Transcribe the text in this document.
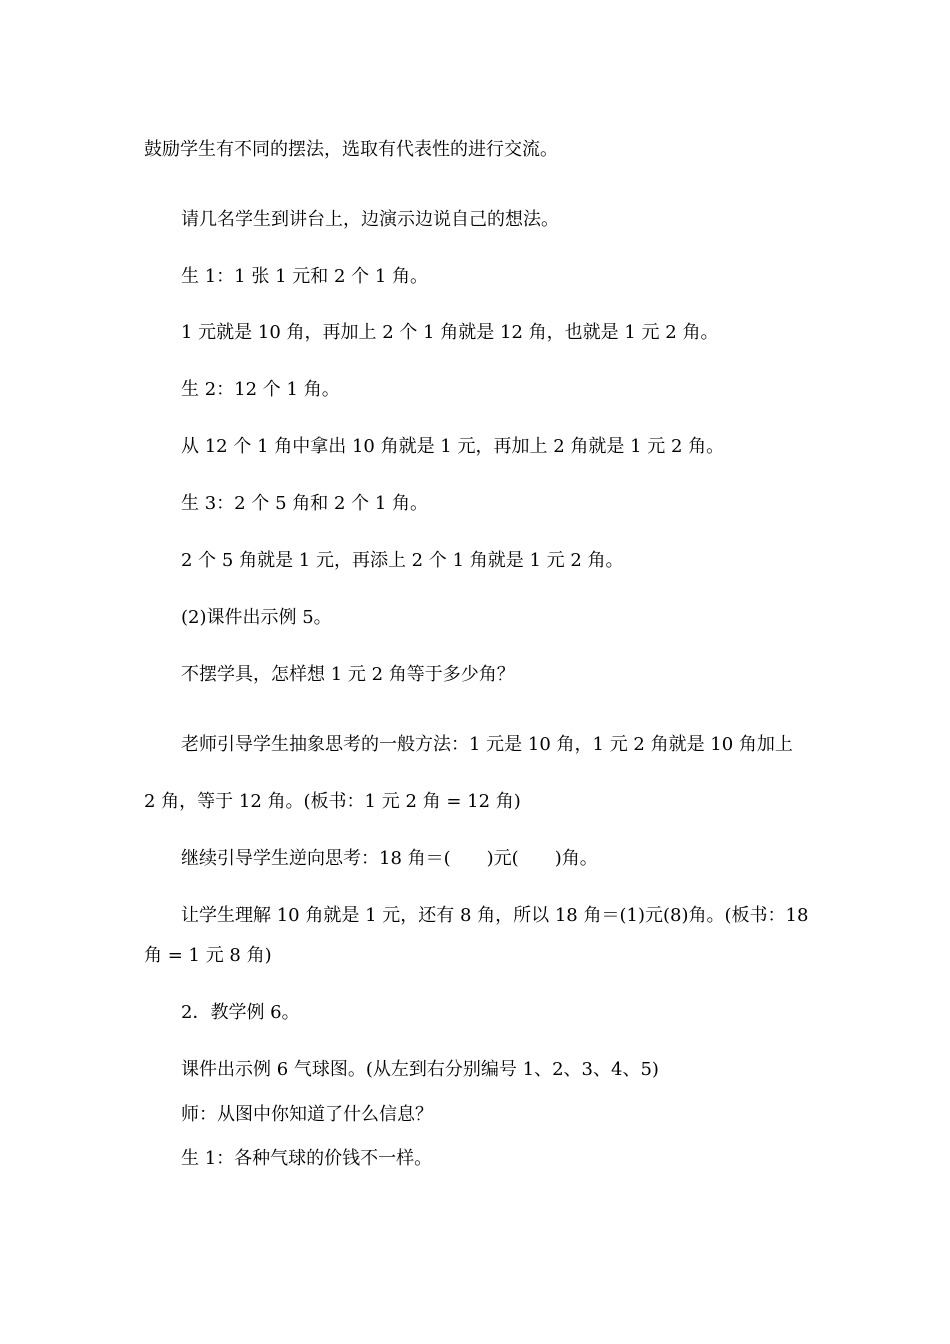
鼓励学生有不同的摆法，选取有代表性的进行交流。
请几名学生到讲台上，边演示边说自己的想法。
生 1：1 张 1 元和 2 个 1 角。
1 元就是 10 角，再加上 2 个 1 角就是 12 角，也就是 1 元 2 角。
生 2：12 个 1 角。
从 12 个 1 角中拿出 10 角就是 1 元，再加上 2 角就是 1 元 2 角。
生 3：2 个 5 角和 2 个 1 角。
2 个 5 角就是 1 元，再添上 2 个 1 角就是 1 元 2 角。
(2)课件出示例 5。
不摆学具，怎样想 1 元 2 角等于多少角？
老师引导学生抽象思考的一般方法：1 元是 10 角，1 元 2 角就是 10 角加上
2 角，等于 12 角。(板书：1 元 2 角 = 12 角)
继续引导学生逆向思考：18 角＝(　　)元(　　)角。
让学生理解 10 角就是 1 元，还有 8 角，所以 18 角＝(1)元(8)角。(板书：18
角 = 1 元 8 角)
2．教学例 6。
课件出示例 6 气球图。(从左到右分别编号 1、2、3、4、5)
师：从图中你知道了什么信息？
生 1：各种气球的价钱不一样。
